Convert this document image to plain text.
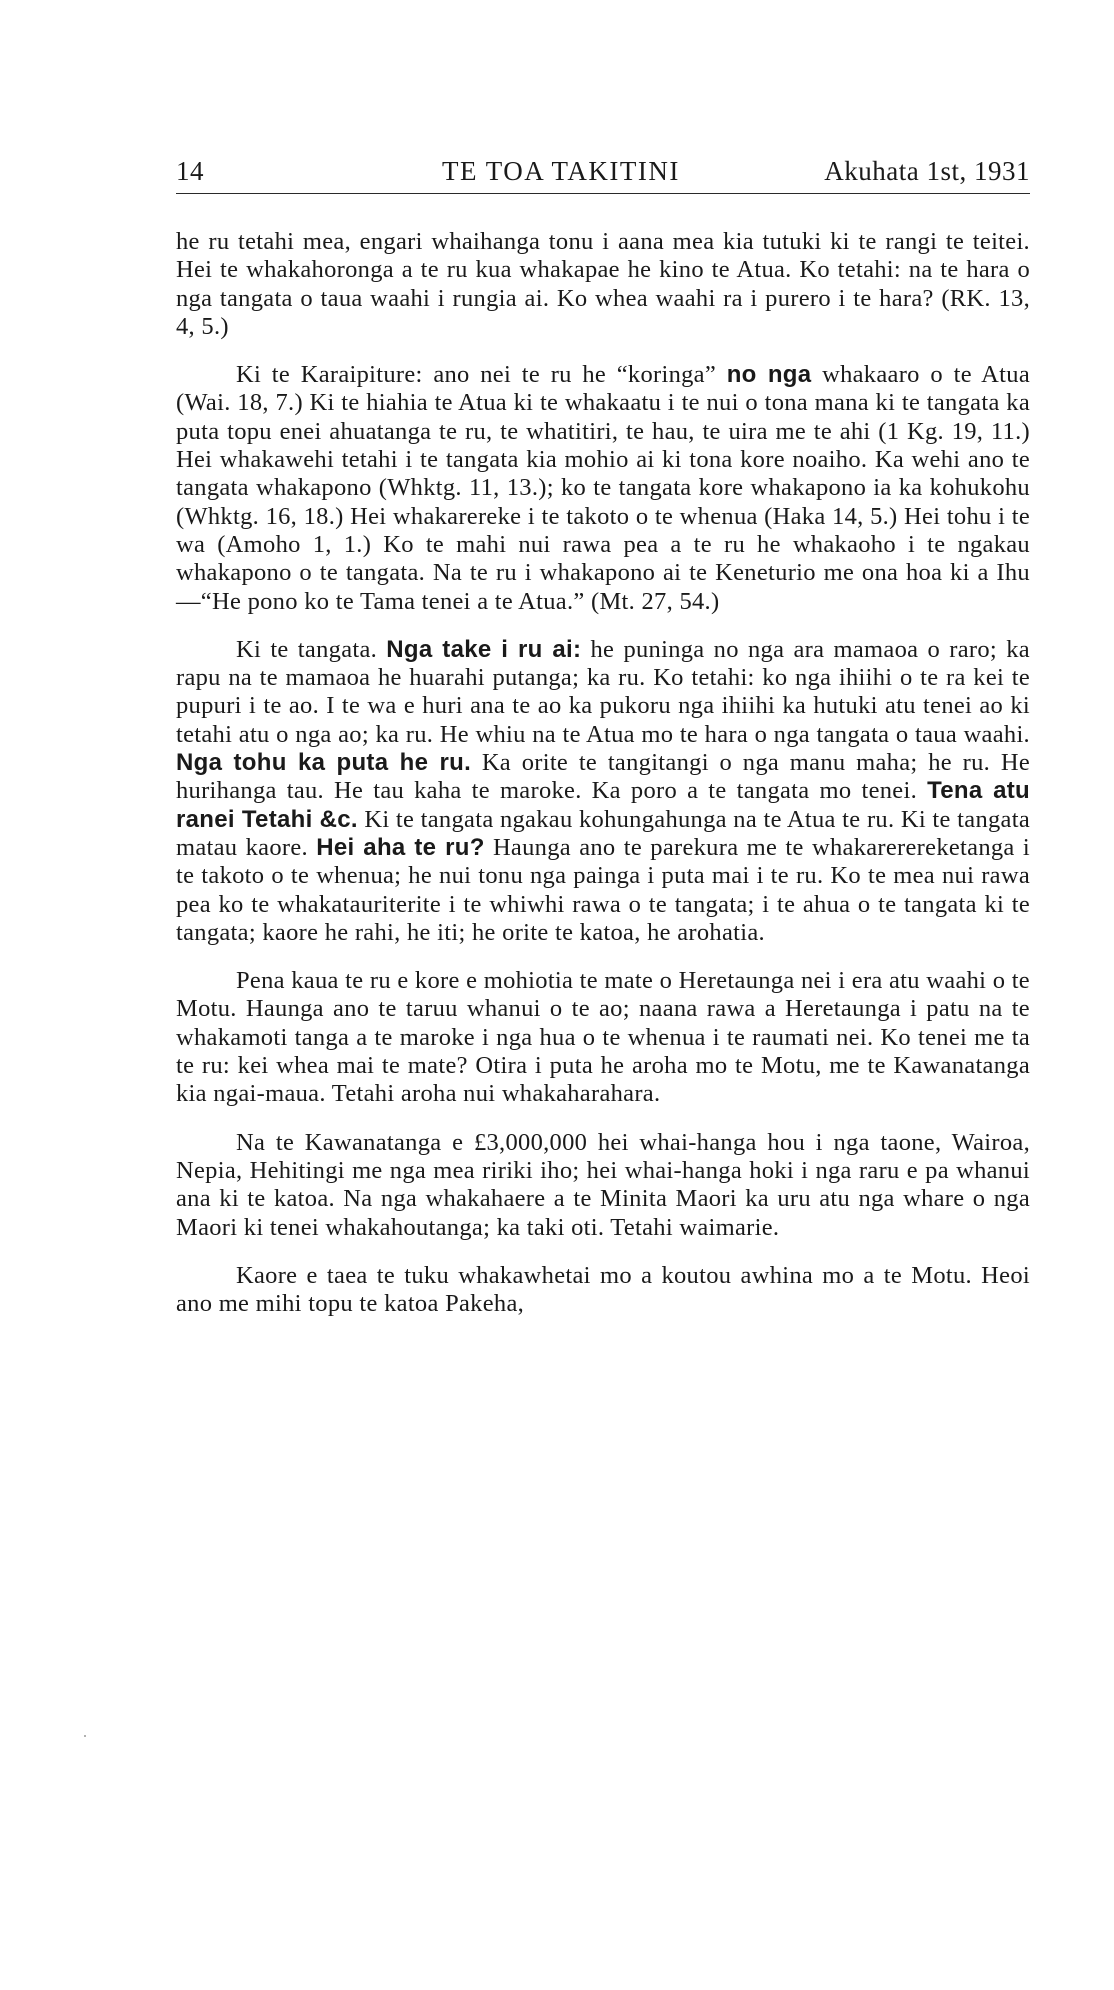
14	TE TOA TAKITINI	Akuhata 1st, 1931

he ru tetahi mea, engari whaihanga tonu i aana mea kia tutuki ki te rangi te teitei. Hei te whakahoronga a te ru kua whakapae he kino te Atua. Ko tetahi: na te hara o nga tangata o taua waahi i rungia ai. Ko whea waahi ra i purero i te hara? (RK. 13, 4, 5.)

Ki te Karaipiture: ano nei te ru he “koringa” no nga whakaaro o te Atua (Wai. 18, 7.) Ki te hiahia te Atua ki te whakaatu i te nui o tona mana ki te tangata ka puta topu enei ahuatanga te ru, te whatitiri, te hau, te uira me te ahi (1 Kg. 19, 11.) Hei whakawehi tetahi i te tangata kia mohio ai ki tona kore noaiho. Ka wehi ano te tangata whakapono (Whktg. 11, 13.); ko te tangata kore whakapono ia ka kohukohu (Whktg. 16, 18.) Hei whakarereke i te takoto o te whenua (Haka 14, 5.) Hei tohu i te wa (Amoho 1, 1.) Ko te mahi nui rawa pea a te ru he whakaoho i te ngakau whakapono o te tangata. Na te ru i whakapono ai te Keneturio me ona hoa ki a Ihu—“He pono ko te Tama tenei a te Atua.” (Mt. 27, 54.)

Ki te tangata. Nga take i ru ai: he puninga no nga ara mamaoa o raro; ka rapu na te mamaoa he huarahi putanga; ka ru. Ko tetahi: ko nga ihiihi o te ra kei te pupuri i te ao. I te wa e huri ana te ao ka pukoru nga ihiihi ka hutuki atu tenei ao ki tetahi atu o nga ao; ka ru. He whiu na te Atua mo te hara o nga tangata o taua waahi. Nga tohu ka puta he ru. Ka orite te tangitangi o nga manu maha; he ru. He hurihanga tau. He tau kaha te maroke. Ka poro a te tangata mo tenei. Tena atu ranei Tetahi &c. Ki te tangata ngakau kohungahunga na te Atua te ru. Ki te tangata matau kaore. Hei aha te ru? Haunga ano te parekura me te whakarerereketanga i te takoto o te whenua; he nui tonu nga painga i puta mai i te ru. Ko te mea nui rawa pea ko te whakatauriterite i te whiwhi rawa o te tangata; i te ahua o te tangata ki te tangata; kaore he rahi, he iti; he orite te katoa, he arohatia.

Pena kaua te ru e kore e mohiotia te mate o Heretaunga nei i era atu waahi o te Motu. Haunga ano te taruu whanui o te ao; naana rawa a Heretaunga i patu na te whakamoti tanga a te maroke i nga hua o te whenua i te raumati nei. Ko tenei me ta te ru: kei whea mai te mate? Otira i puta he aroha mo te Motu, me te Kawanatanga kia ngai-maua. Tetahi aroha nui whakaharahara.

Na te Kawanatanga e £3,000,000 hei whai-hanga hou i nga taone, Wairoa, Nepia, Hehitingi me nga mea ririki iho; hei whai-hanga hoki i nga raru e pa whanui ana ki te katoa. Na nga whakahaere a te Minita Maori ka uru atu nga whare o nga Maori ki tenei whakahoutanga; ka taki oti. Tetahi waimarie.

Kaore e taea te tuku whakawhetai mo a koutou awhina mo a te Motu. Heoi ano me mihi topu te katoa Pakeha,
